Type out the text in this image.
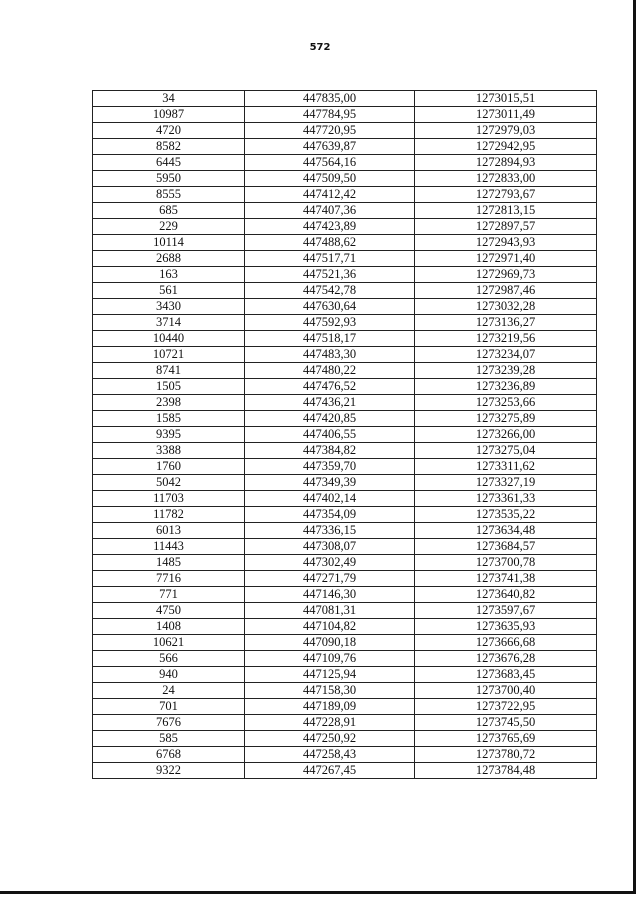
572
34	447835,00	1273015,51
10987	447784,95	1273011,49
4720	447720,95	1272979,03
8582	447639,87	1272942,95
6445	447564,16	1272894,93
5950	447509,50	1272833,00
8555	447412,42	1272793,67
685	447407,36	1272813,15
229	447423,89	1272897,57
10114	447488,62	1272943,93
2688	447517,71	1272971,40
163	447521,36	1272969,73
561	447542,78	1272987,46
3430	447630,64	1273032,28
3714	447592,93	1273136,27
10440	447518,17	1273219,56
10721	447483,30	1273234,07
8741	447480,22	1273239,28
1505	447476,52	1273236,89
2398	447436,21	1273253,66
1585	447420,85	1273275,89
9395	447406,55	1273266,00
3388	447384,82	1273275,04
1760	447359,70	1273311,62
5042	447349,39	1273327,19
11703	447402,14	1273361,33
11782	447354,09	1273535,22
6013	447336,15	1273634,48
11443	447308,07	1273684,57
1485	447302,49	1273700,78
7716	447271,79	1273741,38
771	447146,30	1273640,82
4750	447081,31	1273597,67
1408	447104,82	1273635,93
10621	447090,18	1273666,68
566	447109,76	1273676,28
940	447125,94	1273683,45
24	447158,30	1273700,40
701	447189,09	1273722,95
7676	447228,91	1273745,50
585	447250,92	1273765,69
6768	447258,43	1273780,72
9322	447267,45	1273784,48
